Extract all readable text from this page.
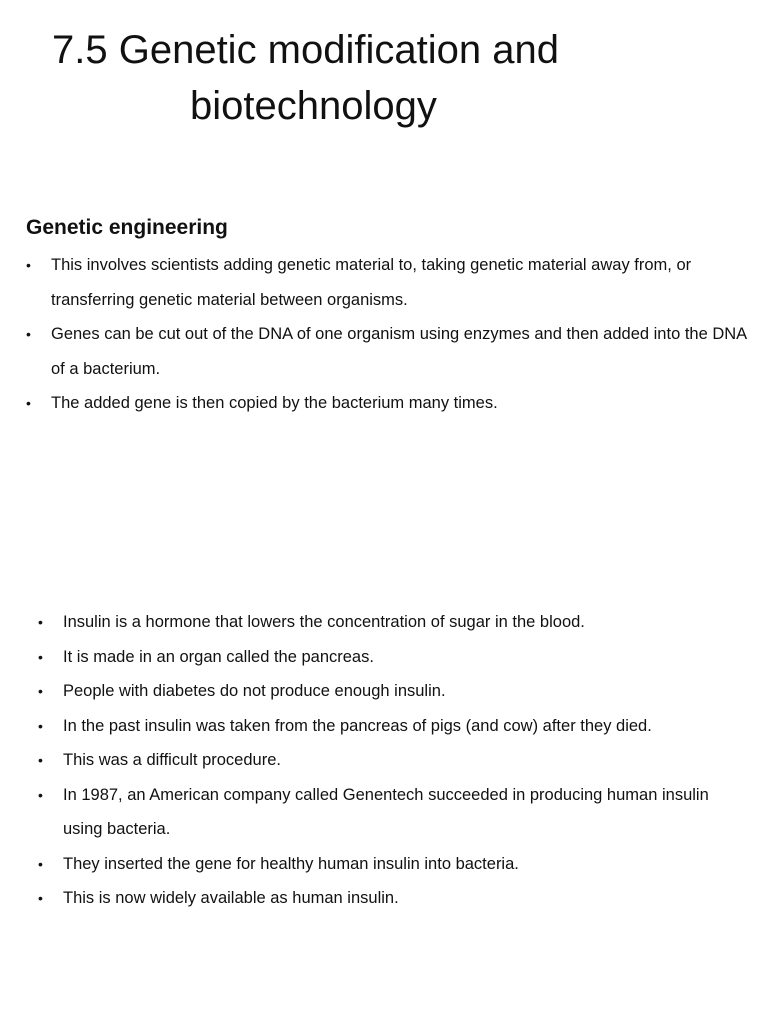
7.5 Genetic modification and
biotechnology
Genetic engineering
• This involves scientists adding genetic material to, taking genetic material away from, or transferring genetic material between organisms.
• Genes can be cut out of the DNA of one organism using enzymes and then added into the DNA of a bacterium.
• The added gene is then copied by the bacterium many times.
• Insulin is a hormone that lowers the concentration of sugar in the blood.
• It is made in an organ called the pancreas.
• People with diabetes do not produce enough insulin.
• In the past insulin was taken from the pancreas of pigs (and cow) after they died.
• This was a difficult procedure.
• In 1987, an American company called Genentech succeeded in producing human insulin using bacteria.
• They inserted the gene for healthy human insulin into bacteria.
• This is now widely available as human insulin.
